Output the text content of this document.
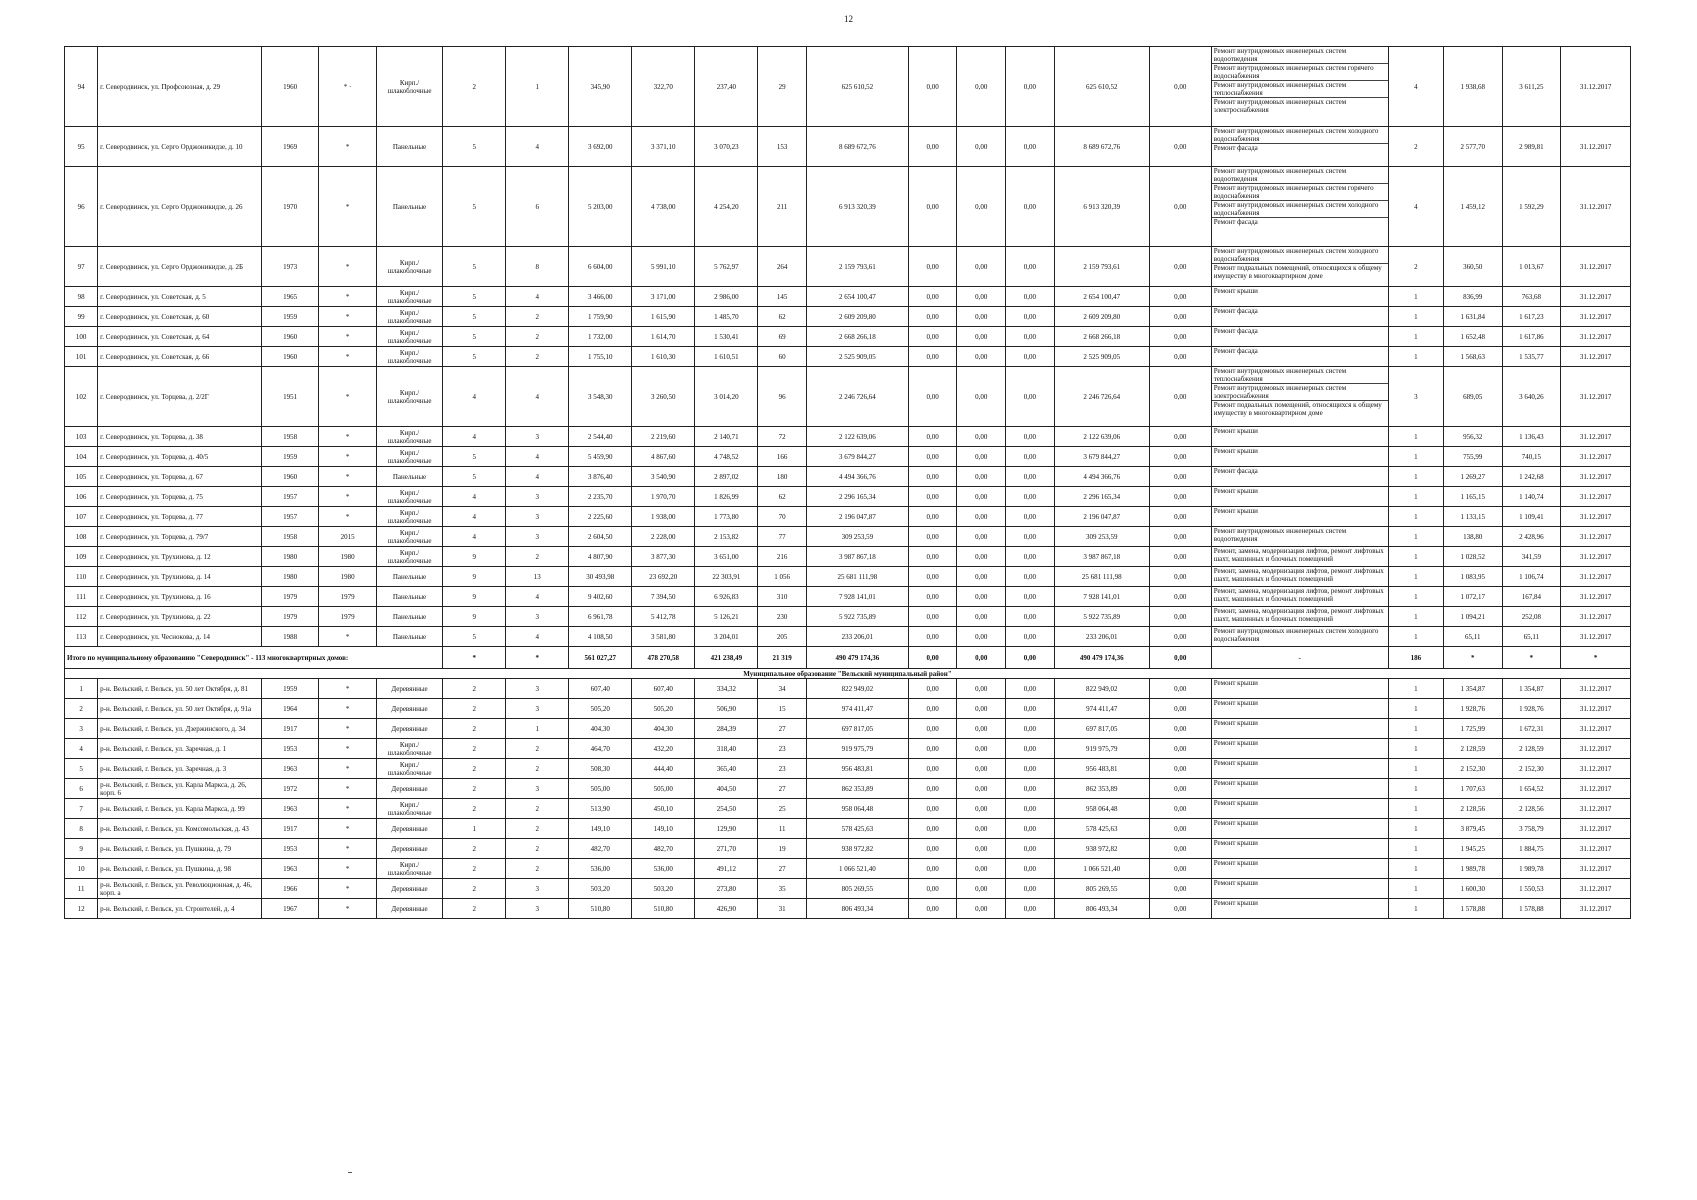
12
94	г. Северодвинск, ул. Профсоюзная, д. 29	1960	* ·	Кирп./ шлакоблочные	2	1	345,90	322,70	237,40	29	625 610,52	0,00	0,00	0,00	625 610,52	0,00	Ремонт внутридомовых инженерных систем водоотведения
Ремонт внутридомовых инженерных систем горячего водоснабжения
Ремонт внутридомовых инженерных систем теплоснабжения
Ремонт внутридомовых инженерных систем электроснабжения	4	1 938,68	3 611,25	31.12.2017
95	г. Северодвинск, ул. Серго Орджоникидзе, д. 10	1969	*	Панельные	5	4	3 692,00	3 371,10	3 070,23	153	8 689 672,76	0,00	0,00	0,00	8 689 672,76	0,00	Ремонт внутридомовых инженерных систем холодного водоснабжения
Ремонт фасада	2	2 577,70	2 989,81	31.12.2017
96	г. Северодвинск, ул. Серго Орджоникидзе, д. 26	1970	*	Панельные	5	6	5 203,00	4 738,00	4 254,20	211	6 913 320,39	0,00	0,00	0,00	6 913 320,39	0,00	Ремонт внутридомовых инженерных систем водоотведения
Ремонт внутридомовых инженерных систем горячего водоснабжения
Ремонт внутридомовых инженерных систем холодного водоснабжения
Ремонт фасада	4	1 459,12	1 592,29	31.12.2017
97	г. Северодвинск, ул. Серго Орджоникидзе, д. 2Б	1973	*	Кирп./ шлакоблочные	5	8	6 604,00	5 991,10	5 762,97	264	2 159 793,61	0,00	0,00	0,00	2 159 793,61	0,00	Ремонт внутридомовых инженерных систем холодного водоснабжения
Ремонт подвальных помещений, относящихся к общему имуществу в многоквартирном доме	2	360,50	1 013,67	31.12.2017
98	г. Северодвинск, ул. Советская, д. 5	1965	*	Кирп./ шлакоблочные	5	4	3 466,00	3 171,00	2 986,00	145	2 654 100,47	0,00	0,00	0,00	2 654 100,47	0,00	Ремонт крыши	1	836,99	763,68	31.12.2017
99	г. Северодвинск, ул. Советская, д. 60	1959	*	Кирп./ шлакоблочные	5	2	1 759,90	1 615,90	1 485,70	62	2 609 209,80	0,00	0,00	0,00	2 609 209,80	0,00	Ремонт фасада	1	1 631,84	1 617,23	31.12.2017
100	г. Северодвинск, ул. Советская, д. 64	1960	*	Кирп./ шлакоблочные	5	2	1 732,00	1 614,70	1 530,41	69	2 668 266,18	0,00	0,00	0,00	2 668 266,18	0,00	Ремонт фасада	1	1 652,48	1 617,86	31.12.2017
101	г. Северодвинск, ул. Советская, д. 66	1960	*	Кирп./ шлакоблочные	5	2	1 755,10	1 610,30	1 610,51	60	2 525 909,05	0,00	0,00	0,00	2 525 909,05	0,00	Ремонт фасада	1	1 568,63	1 535,77	31.12.2017
102	г. Северодвинск, ул. Торцева, д. 2/2Г	1951	*	Кирп./ шлакоблочные	4	4	3 548,30	3 260,50	3 014,20	96	2 246 726,64	0,00	0,00	0,00	2 246 726,64	0,00	Ремонт внутридомовых инженерных систем теплоснабжения
Ремонт внутридомовых инженерных систем электроснабжения
Ремонт подвальных помещений, относящихся к общему имуществу в многоквартирном доме	3	689,05	3 640,26	31.12.2017
103	г. Северодвинск, ул. Торцева, д. 38	1958	*	Кирп./ шлакоблочные	4	3	2 544,40	2 219,60	2 140,71	72	2 122 639,06	0,00	0,00	0,00	2 122 639,06	0,00	Ремонт крыши	1	956,32	1 136,43	31.12.2017
104	г. Северодвинск, ул. Торцева, д. 40/5	1959	*	Кирп./ шлакоблочные	5	4	5 459,90	4 867,60	4 748,52	166	3 679 844,27	0,00	0,00	0,00	3 679 844,27	0,00	Ремонт крыши	1	755,99	740,15	31.12.2017
105	г. Северодвинск, ул. Торцева, д. 67	1960	*	Панельные	5	4	3 876,40	3 540,90	2 897,02	180	4 494 366,76	0,00	0,00	0,00	4 494 366,76	0,00	Ремонт фасада	1	1 269,27	1 242,68	31.12.2017
106	г. Северодвинск, ул. Торцева, д. 75	1957	*	Кирп./ шлакоблочные	4	3	2 235,70	1 970,70	1 826,99	62	2 296 165,34	0,00	0,00	0,00	2 296 165,34	0,00	Ремонт крыши	1	1 165,15	1 140,74	31.12.2017
107	г. Северодвинск, ул. Торцева, д. 77	1957	*	Кирп./ шлакоблочные	4	3	2 225,60	1 938,00	1 773,80	70	2 196 047,87	0,00	0,00	0,00	2 196 047,87	0,00	Ремонт крыши	1	1 133,15	1 109,41	31.12.2017
108	г. Северодвинск, ул. Торцева, д. 79/7	1958	2015	Кирп./ шлакоблочные	4	3	2 604,50	2 228,00	2 153,82	77	309 253,59	0,00	0,00	0,00	309 253,59	0,00	Ремонт внутридомовых инженерных систем водоотведения	1	138,80	2 428,96	31.12.2017
109	г. Северодвинск, ул. Трухинова, д. 12	1980	1980	Кирп./ шлакоблочные	9	2	4 807,90	3 877,30	3 651,00	216	3 987 867,18	0,00	0,00	0,00	3 987 867,18	0,00	Ремонт, замена, модернизация лифтов, ремонт лифтовых шахт, машинных и блочных помещений	1	1 028,52	341,59	31.12.2017
110	г. Северодвинск, ул. Трухинова, д. 14	1980	1980	Панельные	9	13	30 493,98	23 692,20	22 303,91	1 056	25 681 111,98	0,00	0,00	0,00	25 681 111,98	0,00	Ремонт, замена, модернизация лифтов, ремонт лифтовых шахт, машинных и блочных помещений	1	1 083,95	1 106,74	31.12.2017
111	г. Северодвинск, ул. Трухинова, д. 16	1979	1979	Панельные	9	4	9 402,60	7 394,50	6 926,83	310	7 928 141,01	0,00	0,00	0,00	7 928 141,01	0,00	Ремонт, замена, модернизация лифтов, ремонт лифтовых шахт, машинных и блочных помещений	1	1 072,17	167,84	31.12.2017
112	г. Северодвинск, ул. Трухинова, д. 22	1979	1979	Панельные	9	3	6 961,78	5 412,78	5 126,21	230	5 922 735,89	0,00	0,00	0,00	5 922 735,89	0,00	Ремонт, замена, модернизация лифтов, ремонт лифтовых шахт, машинных и блочных помещений	1	1 094,21	252,08	31.12.2017
113	г. Северодвинск, ул. Чеснокова, д. 14	1988	*	Панельные	5	4	4 108,50	3 581,80	3 204,01	205	233 206,01	0,00	0,00	0,00	233 206,01	0,00	Ремонт внутридомовых инженерных систем холодного водоснабжения	1	65,11	65,11	31.12.2017
Итого по муниципальному образованию "Северодвинск" - 113 многоквартирных домов:					*	*	561 027,27	478 270,58	421 238,49	21 319	490 479 174,36	0,00	0,00	0,00	490 479 174,36	0,00	-	186	*	*	*
Муниципальное образование "Вельский муниципальный район"																					
1	р-н. Вельский, г. Вельск, ул. 50 лет Октября, д. 81	1959	*	Деревянные	2	3	607,40	607,40	334,32	34	822 949,02	0,00	0,00	0,00	822 949,02	0,00	Ремонт крыши	1	1 354,87	1 354,87	31.12.2017
2	р-н. Вельский, г. Вельск, ул. 50 лет Октября, д. 91а	1964	*	Деревянные	2	3	505,20	505,20	506,90	15	974 411,47	0,00	0,00	0,00	974 411,47	0,00	Ремонт крыши	1	1 928,76	1 928,76	31.12.2017
3	р-н. Вельский, г. Вельск, ул. Дзержинского, д. 34	1917	*	Деревянные	2	1	404,30	404,30	284,39	27	697 817,05	0,00	0,00	0,00	697 817,05	0,00	Ремонт крыши	1	1 725,99	1 672,31	31.12.2017
4	р-н. Вельский, г. Вельск, ул. Заречная, д. 1	1953	*	Кирп./ шлакоблочные	2	2	464,70	432,20	318,40	23	919 975,79	0,00	0,00	0,00	919 975,79	0,00	Ремонт крыши	1	2 128,59	2 128,59	31.12.2017
5	р-н. Вельский, г. Вельск, ул. Заречная, д. 3	1963	*	Кирп./ шлакоблочные	2	2	508,30	444,40	365,40	23	956 483,81	0,00	0,00	0,00	956 483,81	0,00	Ремонт крыши	1	2 152,30	2 152,30	31.12.2017
6	р-н. Вельский, г. Вельск, ул. Карла Маркса, д. 26, корп. 6	1972	*	Деревянные	2	3	505,00	505,00	404,50	27	862 353,89	0,00	0,00	0,00	862 353,89	0,00	Ремонт крыши	1	1 707,63	1 654,52	31.12.2017
7	р-н. Вельский, г. Вельск, ул. Карла Маркса, д. 99	1963	*	Кирп./ шлакоблочные	2	2	513,90	450,10	254,50	25	958 064,48	0,00	0,00	0,00	958 064,48	0,00	Ремонт крыши	1	2 128,56	2 128,56	31.12.2017
8	р-н. Вельский, г. Вельск, ул. Комсомольская, д. 43	1917	*	Деревянные	1	2	149,10	149,10	129,90	11	578 425,63	0,00	0,00	0,00	578 425,63	0,00	Ремонт крыши	1	3 879,45	3 758,79	31.12.2017
9	р-н. Вельский, г. Вельск, ул. Пушкина, д. 79	1953	*	Деревянные	2	2	482,70	482,70	271,70	19	938 972,82	0,00	0,00	0,00	938 972,82	0,00	Ремонт крыши	1	1 945,25	1 884,75	31.12.2017
10	р-н. Вельский, г. Вельск, ул. Пушкина, д. 98	1963	*	Кирп./ шлакоблочные	2	2	536,00	536,00	491,12	27	1 066 521,40	0,00	0,00	0,00	1 066 521,40	0,00	Ремонт крыши	1	1 989,78	1 989,78	31.12.2017
11	р-н. Вельский, г. Вельск, ул. Революционная, д. 46, корп. а	1966	*	Деревянные	2	3	503,20	503,20	273,80	35	805 269,55	0,00	0,00	0,00	805 269,55	0,00	Ремонт крыши	1	1 600,30	1 550,53	31.12.2017
12	р-н. Вельский, г. Вельск, ул. Строителей, д. 4	1967	*	Деревянные	2	3	510,80	510,80	426,90	31	806 493,34	0,00	0,00	0,00	806 493,34	0,00	Ремонт крыши	1	1 578,88	1 578,88	31.12.2017
